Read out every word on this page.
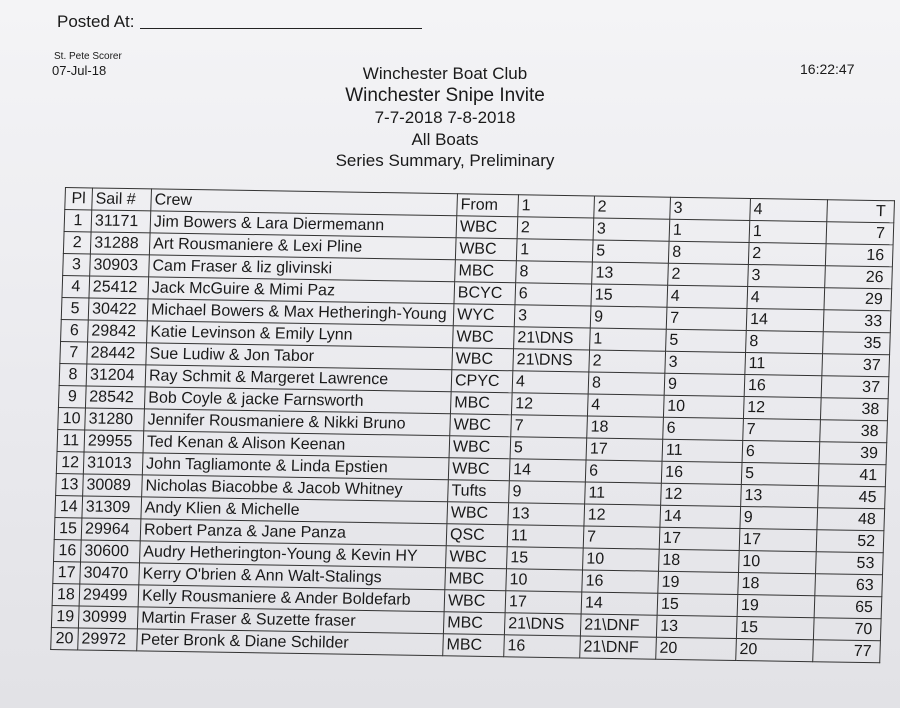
Posted At:
St. Pete Scorer
07-Jul-18	16:22:47
Winchester Boat Club
Winchester Snipe Invite
7-7-2018 7-8-2018
All Boats
Series Summary, Preliminary
Pl	Sail #	Crew	From	1	2	3	4	T
1	31171	Jim Bowers & Lara Diermemann	WBC	2	3	1	1	7
2	31288	Art Rousmaniere & Lexi Pline	WBC	1	5	8	2	16
3	30903	Cam Fraser & liz glivinski	MBC	8	13	2	3	26
4	25412	Jack McGuire & Mimi Paz	BCYC	6	15	4	4	29
5	30422	Michael Bowers & Max Hetheringh-Young	WYC	3	9	7	14	33
6	29842	Katie Levinson & Emily Lynn	WBC	21\DNS	1	5	8	35
7	28442	Sue Ludiw & Jon Tabor	WBC	21\DNS	2	3	11	37
8	31204	Ray Schmit & Margeret Lawrence	CPYC	4	8	9	16	37
9	28542	Bob Coyle & jacke Farnsworth	MBC	12	4	10	12	38
10	31280	Jennifer Rousmaniere & Nikki Bruno	WBC	7	18	6	7	38
11	29955	Ted Kenan & Alison Keenan	WBC	5	17	11	6	39
12	31013	John Tagliamonte & Linda Epstien	WBC	14	6	16	5	41
13	30089	Nicholas Biacobbe & Jacob Whitney	Tufts	9	11	12	13	45
14	31309	Andy Klien & Michelle	WBC	13	12	14	9	48
15	29964	Robert Panza & Jane Panza	QSC	11	7	17	17	52
16	30600	Audry Hetherington-Young & Kevin HY	WBC	15	10	18	10	53
17	30470	Kerry O'brien & Ann Walt-Stalings	MBC	10	16	19	18	63
18	29499	Kelly Rousmaniere & Ander Boldefarb	WBC	17	14	15	19	65
19	30999	Martin Fraser & Suzette fraser	MBC	21\DNS	21\DNF	13	15	70
20	29972	Peter Bronk & Diane Schilder	MBC	16	21\DNF	20	20	77
